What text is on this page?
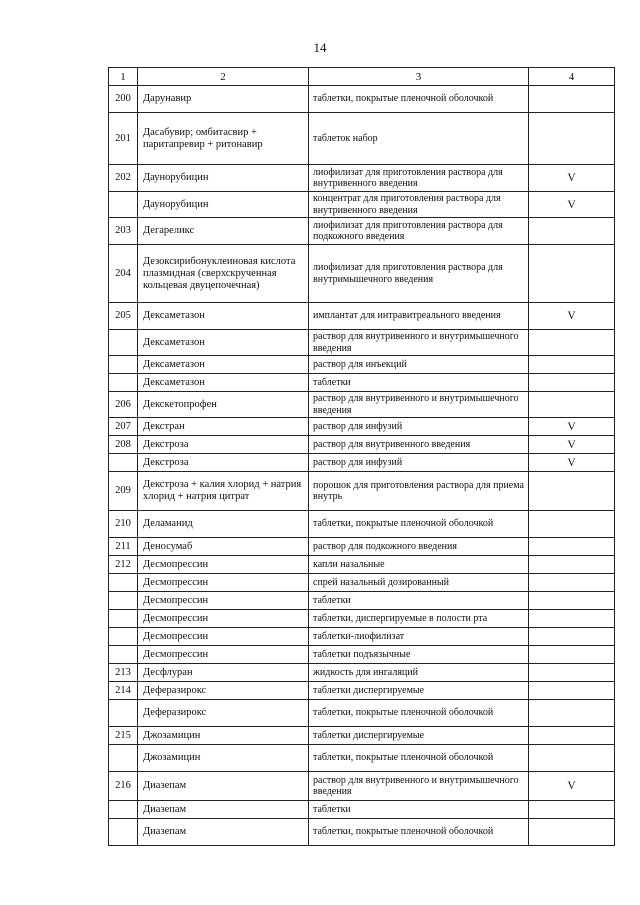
14
1	2	3	4
200	Дарунавир	таблетки, покрытые пленочной оболочкой	
201	Дасабувир; омбитасвир + паритапревир + ритонавир	таблеток набор	
202	Даунорубицин	лиофилизат для приготовления раствора для внутривенного введения	V
	Даунорубицин	концентрат для приготовления раствора для внутривенного введения	V
203	Дегареликс	лиофилизат для приготовления раствора для подкожного введения	
204	Дезоксирибонуклеиновая кислота плазмидная (сверхскрученная кольцевая двуцепочечная)	лиофилизат для приготовления раствора для внутримышечного введения	
205	Дексаметазон	имплантат для интравитреального введения	V
	Дексаметазон	раствор для внутривенного и внутримышечного введения	
	Дексаметазон	раствор для инъекций	
	Дексаметазон	таблетки	
206	Декскетопрофен	раствор для внутривенного и внутримышечного введения	
207	Декстран	раствор для инфузий	V
208	Декстроза	раствор для внутривенного введения	V
	Декстроза	раствор для инфузий	V
209	Декстроза + калия хлорид + натрия хлорид + натрия цитрат	порошок для приготовления раствора для приема внутрь	
210	Деламанид	таблетки, покрытые пленочной оболочкой	
211	Деносумаб	раствор для подкожного введения	
212	Десмопрессин	капли назальные	
	Десмопрессин	спрей назальный дозированный	
	Десмопрессин	таблетки	
	Десмопрессин	таблетки, диспергируемые в полости рта	
	Десмопрессин	таблетки-лиофилизат	
	Десмопрессин	таблетки подъязычные	
213	Десфлуран	жидкость для ингаляций	
214	Деферазирокс	таблетки диспергируемые	
	Деферазирокс	таблетки, покрытые пленочной оболочкой	
215	Джозамицин	таблетки диспергируемые	
	Джозамицин	таблетки, покрытые пленочной оболочкой	
216	Диазепам	раствор для внутривенного и внутримышечного введения	V
	Диазепам	таблетки	
	Диазепам	таблетки, покрытые пленочной оболочкой	
